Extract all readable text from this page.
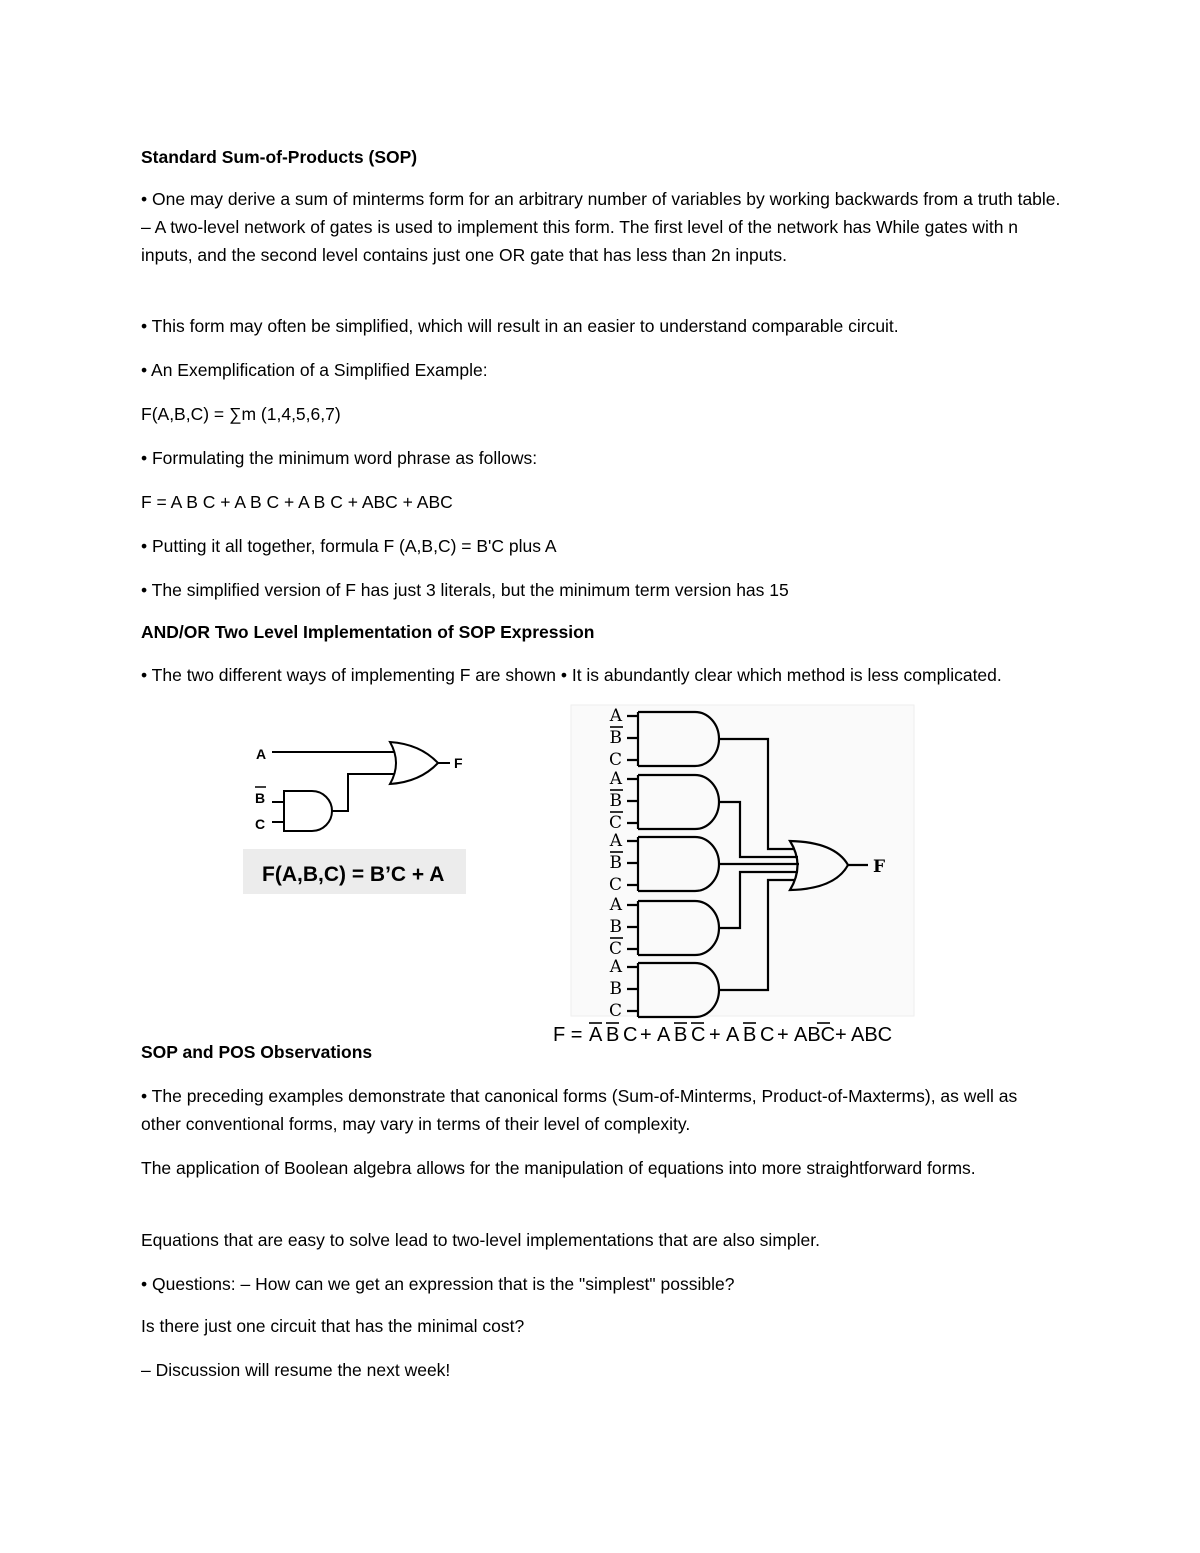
Standard Sum-of-Products (SOP)

• One may derive a sum of minterms form for an arbitrary number of variables by working backwards from a truth table. – A two-level network of gates is used to implement this form. The first level of the network has While gates with n inputs, and the second level contains just one OR gate that has less than 2n inputs.

• This form may often be simplified, which will result in an easier to understand comparable circuit.

• An Exemplification of a Simplified Example:

F(A,B,C) = ∑m (1,4,5,6,7)

• Formulating the minimum word phrase as follows:

F = A B C + A B C + A B C + ABC + ABC

• Putting it all together, formula F (A,B,C) = B'C plus A

• The simplified version of F has just 3 literals, but the minimum term version has 15

AND/OR Two Level Implementation of SOP Expression

• The two different ways of implementing F are shown • It is abundantly clear which method is less complicated.

A
F
B
C
F(A,B,C) = B’C + A
A
B
C
A
B
C
A
B
C
A
B
C
A
B
C
F
F = A B C + A B C + A B C + ABC + ABC

SOP and POS Observations

• The preceding examples demonstrate that canonical forms (Sum-of-Minterms, Product-of-Maxterms), as well as other conventional forms, may vary in terms of their level of complexity.

The application of Boolean algebra allows for the manipulation of equations into more straightforward forms.

Equations that are easy to solve lead to two-level implementations that are also simpler.

• Questions: – How can we get an expression that is the "simplest" possible?

Is there just one circuit that has the minimal cost?

– Discussion will resume the next week!
